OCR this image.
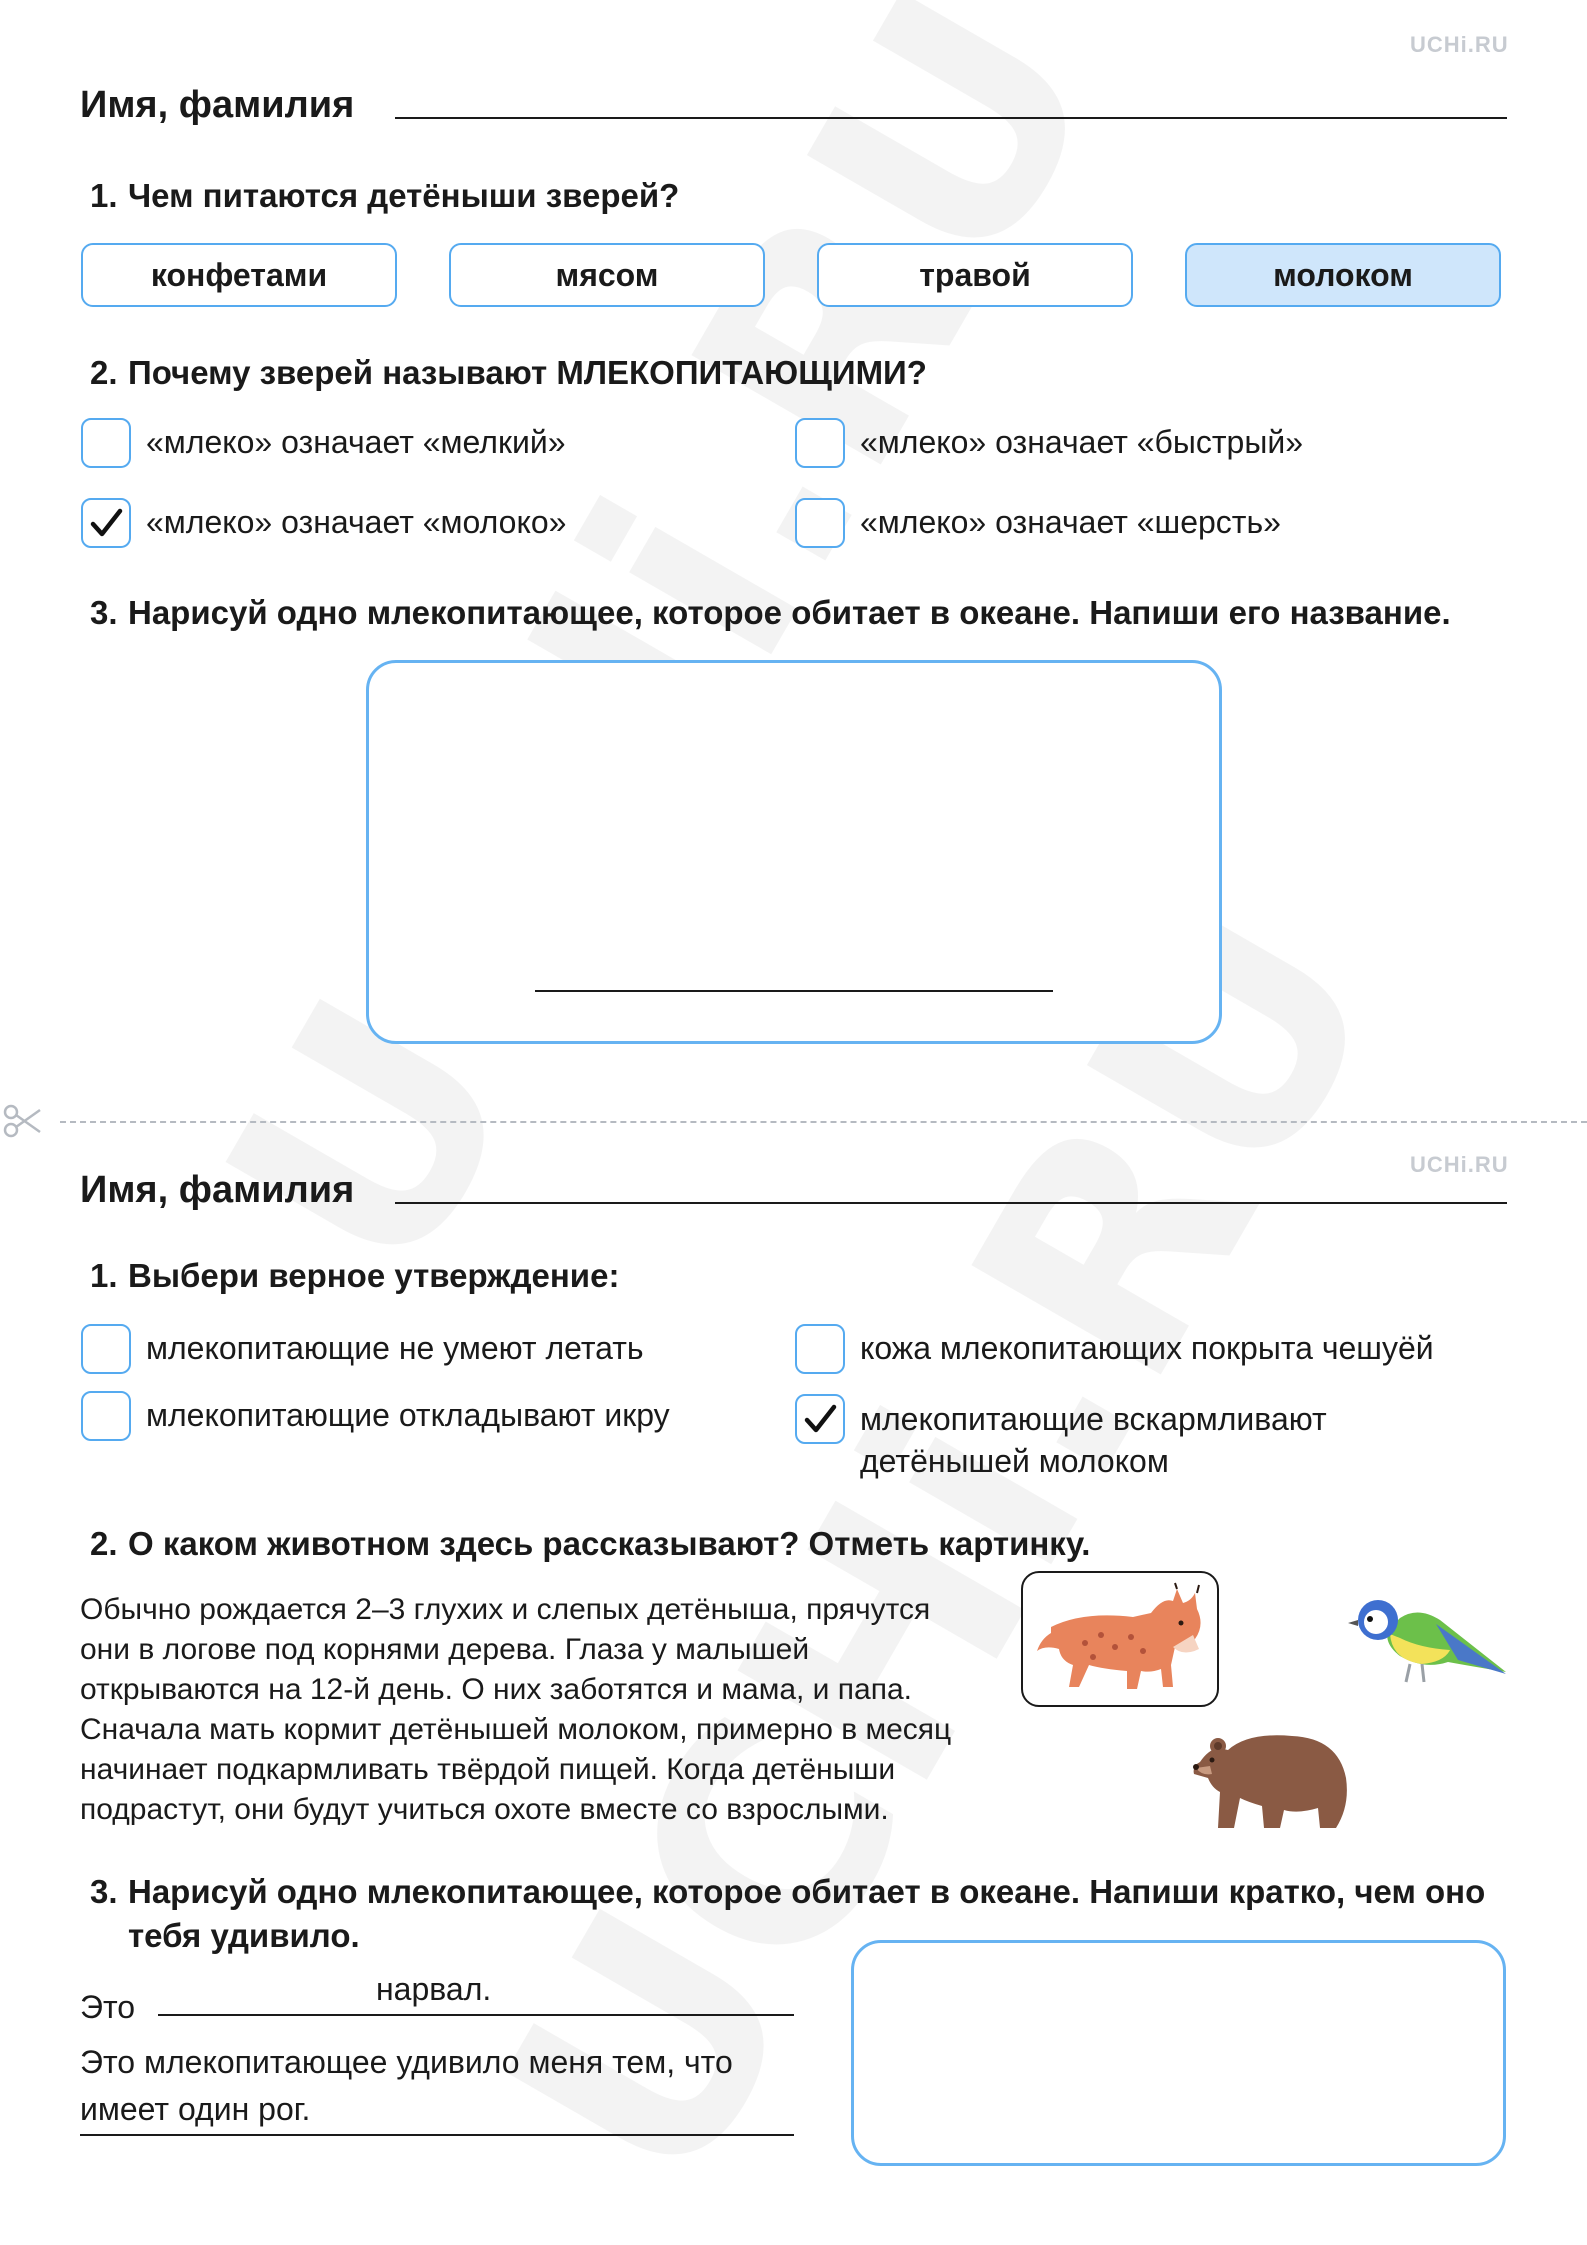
UCHi.RU
Имя, фамилия
1. Чем питаются детёныши зверей?
конфетами	мясом	травой	молоком
2. Почему зверей называют МЛЕКОПИТАЮЩИМИ?
«млеко» означает «мелкий»	«млеко» означает «быстрый»
«млеко» означает «молоко»	«млеко» означает «шерсть»
3. Нарисуй одно млекопитающее, которое обитает в океане. Напиши его название.
UCHi.RU
Имя, фамилия
1. Выбери верное утверждение:
млекопитающие не умеют летать	кожа млекопитающих покрыта чешуёй
млекопитающие откладывают икру	млекопитающие вскармливают детёнышей молоком
2. О каком животном здесь рассказывают? Отметь картинку.
Обычно рождается 2–3 глухих и слепых детёныша, прячутся
они в логове под корнями дерева. Глаза у малышей
открываются на 12-й день. О них заботятся и мама, и папа.
Сначала мать кормит детёнышей молоком, примерно в месяц
начинает подкармливать твёрдой пищей. Когда детёныши
подрастут, они будут учиться охоте вместе со взрослыми.
3. Нарисуй одно млекопитающее, которое обитает в океане. Напиши кратко, чем оно тебя удивило.
Это	нарвал.
Это млекопитающее удивило меня тем, что
имеет один рог.
